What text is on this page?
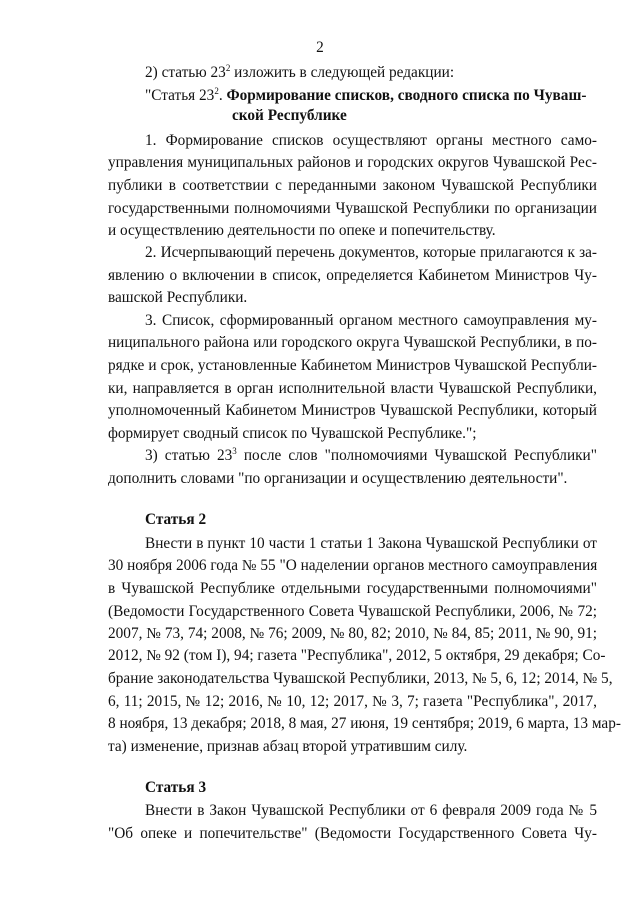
2
2) статью $23^2$ изложить в следующей редакции:
"Статья $23^2$. Формирование списков, сводного списка по Чуваш-
ской Республике
1. Формирование списков осуществляют органы местного само-
управления муниципальных районов и городских округов Чувашской Рес-
публики в соответствии с переданными законом Чувашской Республики
государственными полномочиями Чувашской Республики по организации
и осуществлению деятельности по опеке и попечительству.
2. Исчерпывающий перечень документов, которые прилагаются к за-
явлению о включении в список, определяется Кабинетом Министров Чу-
вашской Республики.
3. Список, сформированный органом местного самоуправления му-
ниципального района или городского округа Чувашской Республики, в по-
рядке и срок, установленные Кабинетом Министров Чувашской Республи-
ки, направляется в орган исполнительной власти Чувашской Республики,
уполномоченный Кабинетом Министров Чувашской Республики, который
формирует сводный список по Чувашской Республике.";
3) статью $23^3$ после слов "полномочиями Чувашской Республики"
дополнить словами "по организации и осуществлению деятельности".
Статья 2
Внести в пункт 10 части 1 статьи 1 Закона Чувашской Республики от
30 ноября 2006 года № 55 "О наделении органов местного самоуправления
в Чувашской Республике отдельными государственными полномочиями"
(Ведомости Государственного Совета Чувашской Республики, 2006, № 72;
2007, № 73, 74; 2008, № 76; 2009, № 80, 82; 2010, № 84, 85; 2011, № 90, 91;
2012, № 92 (том I), 94; газета "Республика", 2012, 5 октября, 29 декабря; Со-
брание законодательства Чувашской Республики, 2013, № 5, 6, 12; 2014, № 5,
6, 11; 2015, № 12; 2016, № 10, 12; 2017, № 3, 7; газета "Республика", 2017,
8 ноября, 13 декабря; 2018, 8 мая, 27 июня, 19 сентября; 2019, 6 марта, 13 мар-
та) изменение, признав абзац второй утратившим силу.
Статья 3
Внести в Закон Чувашской Республики от 6 февраля 2009 года № 5
"Об опеке и попечительстве" (Ведомости Государственного Совета Чу-
